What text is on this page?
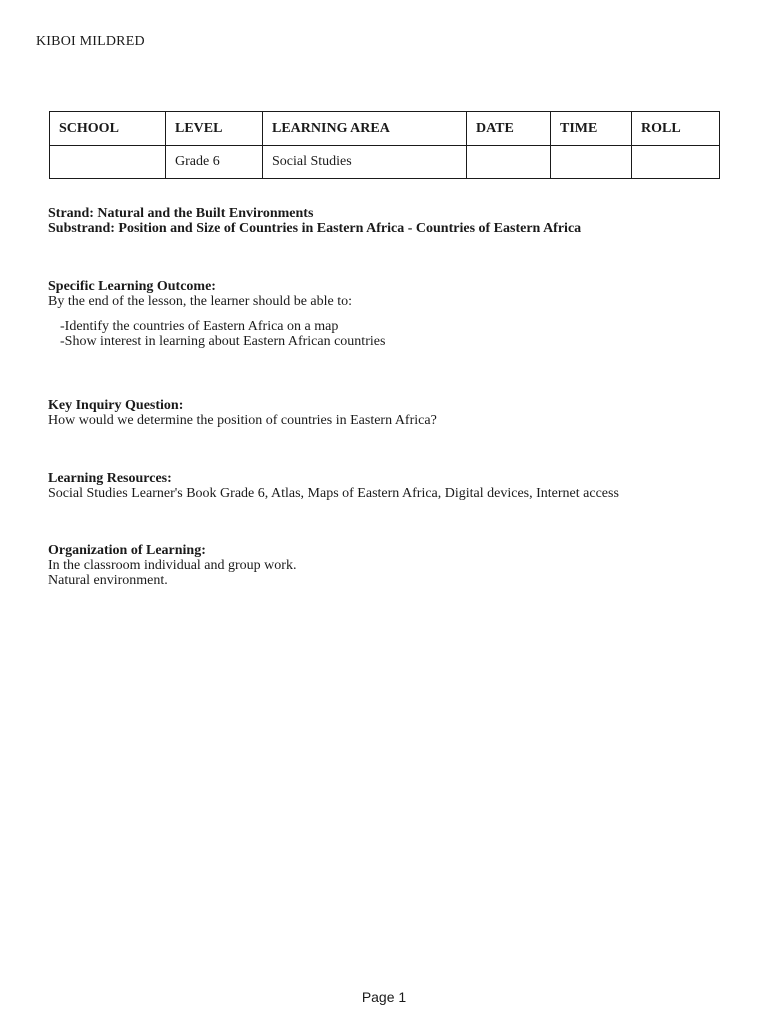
KIBOI MILDRED
SCHOOL	LEVEL	LEARNING AREA	DATE	TIME	ROLL
	Grade 6	Social Studies			
Strand: Natural and the Built Environments
Substrand: Position and Size of Countries in Eastern Africa - Countries of Eastern Africa
Specific Learning Outcome:
By the end of the lesson, the learner should be able to:
-Identify the countries of Eastern Africa on a map
-Show interest in learning about Eastern African countries
Key Inquiry Question:
How would we determine the position of countries in Eastern Africa?
Learning Resources:
Social Studies Learner's Book Grade 6, Atlas, Maps of Eastern Africa, Digital devices, Internet access
Organization of Learning:
In the classroom individual and group work.
Natural environment.
Page 1
